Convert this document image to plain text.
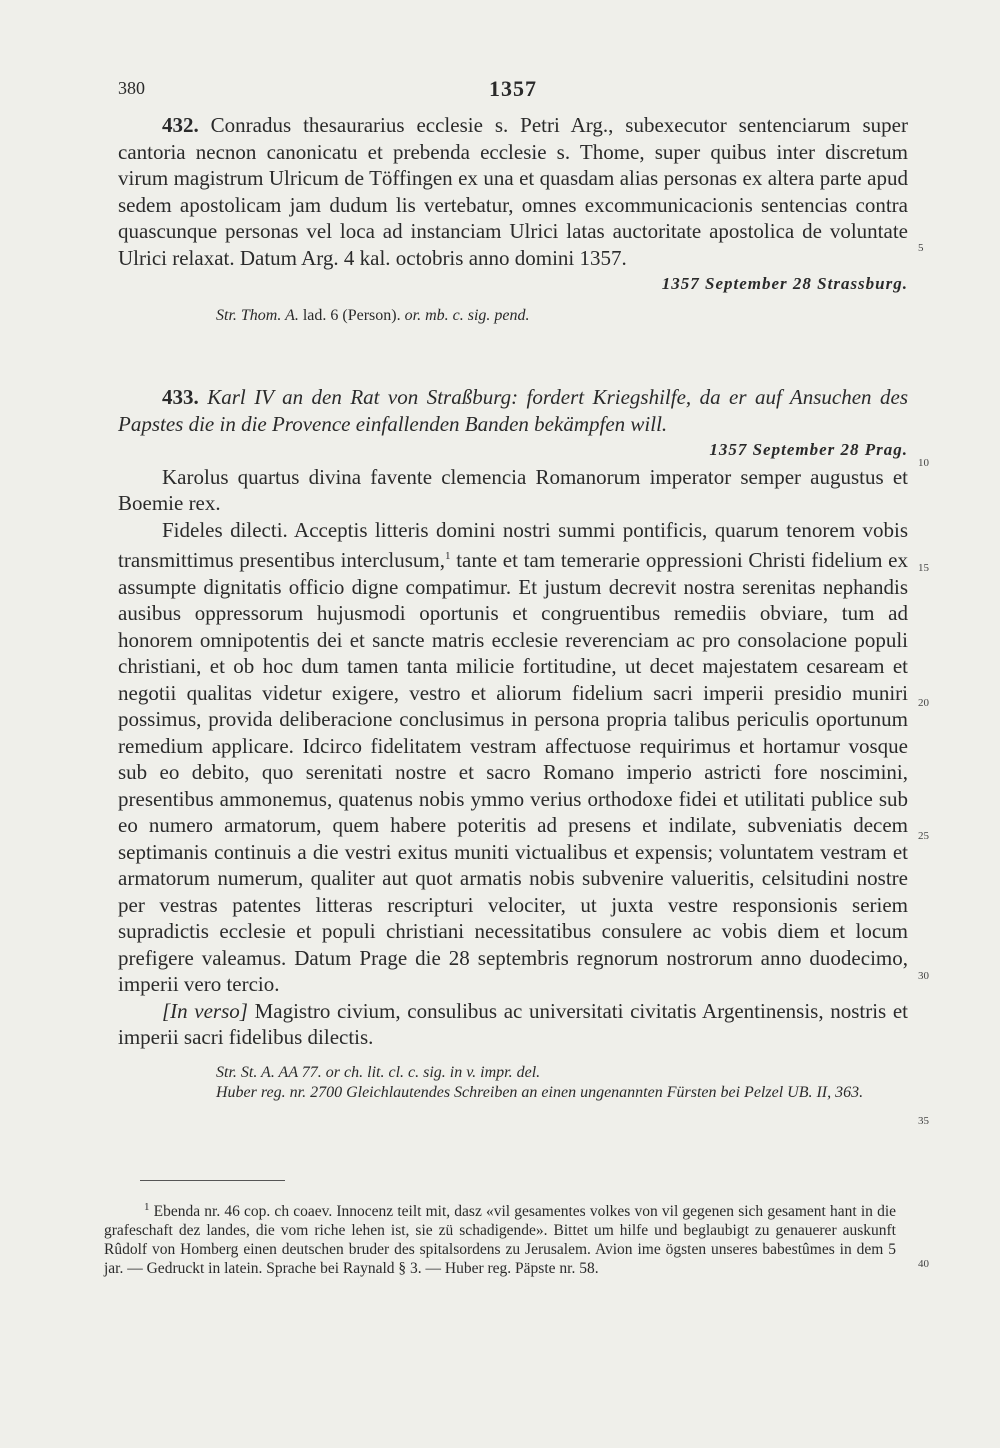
380	1357

432. Conradus thesaurarius ecclesie s. Petri Arg., subexecutor sentenciarum super cantoria necnon canonicatu et prebenda ecclesie s. Thome, super quibus inter discretum virum magistrum Ulricum de Töffingen ex una et quasdam alias personas ex altera parte apud sedem apostolicam jam dudum lis vertebatur, omnes excommunicacionis sentencias contra quascunque personas vel loca ad instanciam Ulrici latas auctoritate apostolica de voluntate Ulrici relaxat. Datum Arg. 4 kal. octobris anno domini 1357.

1357 September 28 Strassburg.

Str. Thom. A. lad. 6 (Person). or. mb. c. sig. pend.

433. Karl IV an den Rat von Straßburg: fordert Kriegshilfe, da er auf Ansuchen des Papstes die in die Provence einfallenden Banden bekämpfen will.

1357 September 28 Prag.

Karolus quartus divina favente clemencia Romanorum imperator semper augustus et Boemie rex.

Fideles dilecti. Acceptis litteris domini nostri summi pontificis, quarum tenorem vobis transmittimus presentibus interclusum,$^1$ tante et tam temerarie oppressioni Christi fidelium ex assumpte dignitatis officio digne compatimur. Et justum decrevit nostra serenitas nephandis ausibus oppressorum hujusmodi oportunis et congruentibus remediis obviare, tum ad honorem omnipotentis dei et sancte matris ecclesie reverenciam ac pro consolacione populi christiani, et ob hoc dum tamen tanta milicie fortitudine, ut decet majestatem cesaream et negotii qualitas videtur exigere, vestro et aliorum fidelium sacri imperii presidio muniri possimus, provida deliberacione conclusimus in persona propria talibus periculis oportunum remedium applicare. Idcirco fidelitatem vestram affectuose requirimus et hortamur vosque sub eo debito, quo serenitati nostre et sacro Romano imperio astricti fore noscimini, presentibus ammonemus, quatenus nobis ymmo verius orthodoxe fidei et utilitati publice sub eo numero armatorum, quem habere poteritis ad presens et indilate, subveniatis decem septimanis continuis a die vestri exitus muniti victualibus et expensis; voluntatem vestram et armatorum numerum, qualiter aut quot armatis nobis subvenire valueritis, celsitudini nostre per vestras patentes litteras rescripturi velociter, ut juxta vestre responsionis seriem supradictis ecclesie et populi christiani necessitatibus consulere ac vobis diem et locum prefigere valeamus. Datum Prage die 28 septembris regnorum nostrorum anno duodecimo, imperii vero tercio.

[In verso] Magistro civium, consulibus ac universitati civitatis Argentinensis, nostris et imperii sacri fidelibus dilectis.

Str. St. A. AA 77. or ch. lit. cl. c. sig. in v. impr. del.

Huber reg. nr. 2700 Gleichlautendes Schreiben an einen ungenannten Fürsten bei Pelzel UB. II, 363.

$^1$ Ebenda nr. 46 cop. ch coaev. Innocenz teilt mit, dasz «vil gesamentes volkes von vil gegenen sich gesament hant in die grafeschaft dez landes, die vom riche lehen ist, sie zü schadigende». Bittet um hilfe und beglaubigt zu genauerer auskunft Rûdolf von Homberg einen deutschen bruder des spitalsordens zu Jerusalem. Avion ime ögsten unseres babestûmes in dem 5 jar. — Gedruckt in latein. Sprache bei Raynald § 3. — Huber reg. Päpste nr. 58.

5
10
15
20
25
30
35
40
